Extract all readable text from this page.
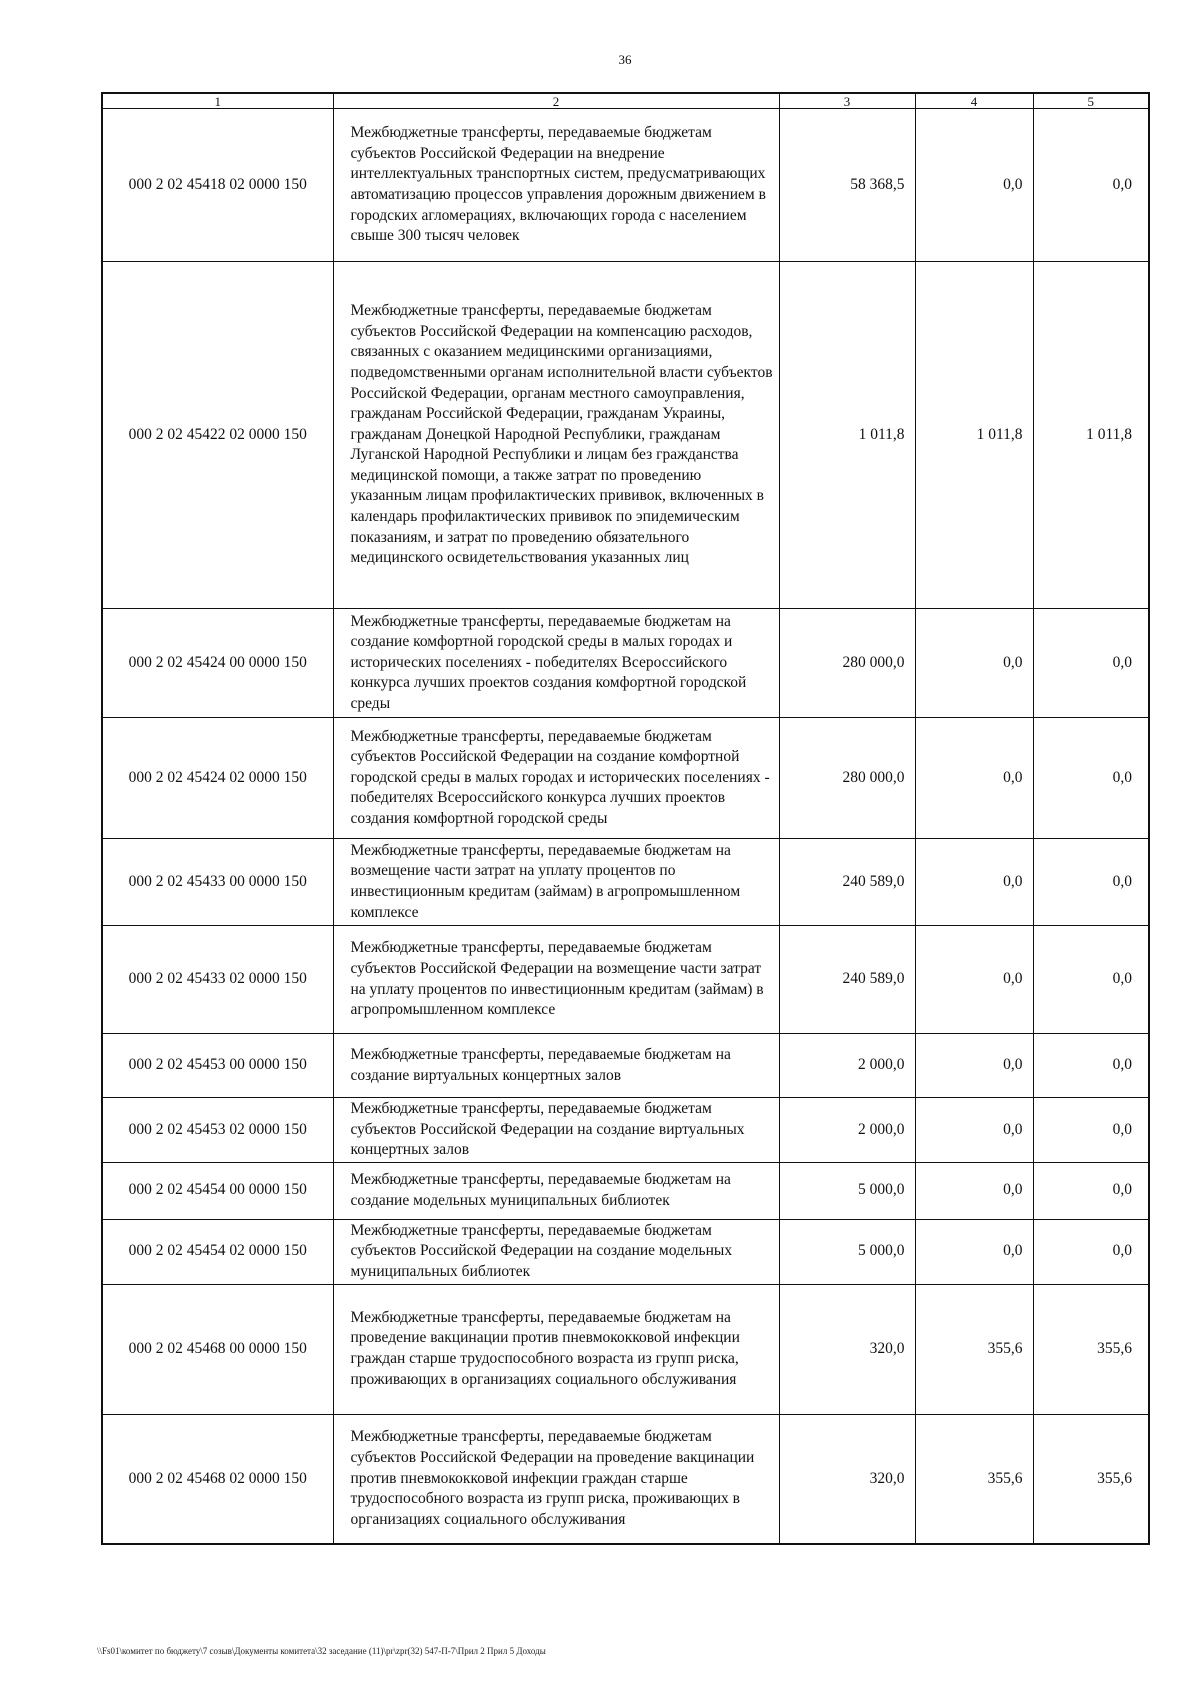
36
1	2	3	4	5
000 2 02 45418 02 0000 150	Межбюджетные трансферты, передаваемые бюджетам субъектов Российской Федерации на внедрение интеллектуальных транспортных систем, предусматривающих автоматизацию процессов управления дорожным движением в городских агломерациях, включающих города с населением свыше 300 тысяч человек	58 368,5	0,0	0,0
000 2 02 45422 02 0000 150	Межбюджетные трансферты, передаваемые бюджетам субъектов Российской Федерации на компенсацию расходов, связанных с оказанием медицинскими организациями, подведомственными органам исполнительной власти субъектов Российской Федерации, органам местного самоуправления, гражданам Российской Федерации, гражданам Украины, гражданам Донецкой Народной Республики, гражданам Луганской Народной Республики и лицам без гражданства медицинской помощи, а также затрат по проведению указанным лицам профилактических прививок, включенных в календарь профилактических прививок по эпидемическим показаниям, и затрат по проведению обязательного медицинского освидетельствования указанных лиц	1 011,8	1 011,8	1 011,8
000 2 02 45424 00 0000 150	Межбюджетные трансферты, передаваемые бюджетам на создание комфортной городской среды в малых городах и исторических поселениях - победителях Всероссийского конкурса лучших проектов создания комфортной городской среды	280 000,0	0,0	0,0
000 2 02 45424 02 0000 150	Межбюджетные трансферты, передаваемые бюджетам субъектов Российской Федерации на создание комфортной городской среды в малых городах и исторических поселениях - победителях Всероссийского конкурса лучших проектов создания комфортной городской среды	280 000,0	0,0	0,0
000 2 02 45433 00 0000 150	Межбюджетные трансферты, передаваемые бюджетам на возмещение части затрат на уплату процентов по инвестиционным кредитам (займам) в агропромышленном комплексе	240 589,0	0,0	0,0
000 2 02 45433 02 0000 150	Межбюджетные трансферты, передаваемые бюджетам субъектов Российской Федерации на возмещение части затрат на уплату процентов по инвестиционным кредитам (займам) в агропромышленном комплексе	240 589,0	0,0	0,0
000 2 02 45453 00 0000 150	Межбюджетные трансферты, передаваемые бюджетам на создание виртуальных концертных залов	2 000,0	0,0	0,0
000 2 02 45453 02 0000 150	Межбюджетные трансферты, передаваемые бюджетам субъектов Российской Федерации на создание виртуальных концертных залов	2 000,0	0,0	0,0
000 2 02 45454 00 0000 150	Межбюджетные трансферты, передаваемые бюджетам на создание модельных муниципальных библиотек	5 000,0	0,0	0,0
000 2 02 45454 02 0000 150	Межбюджетные трансферты, передаваемые бюджетам субъектов Российской Федерации на создание модельных муниципальных библиотек	5 000,0	0,0	0,0
000 2 02 45468 00 0000 150	Межбюджетные трансферты, передаваемые бюджетам на проведение вакцинации против пневмококковой инфекции граждан старше трудоспособного возраста из групп риска, проживающих в организациях социального обслуживания	320,0	355,6	355,6
000 2 02 45468 02 0000 150	Межбюджетные трансферты, передаваемые бюджетам субъектов Российской Федерации на проведение вакцинации против пневмококковой инфекции граждан старше трудоспособного возраста из групп риска, проживающих в организациях социального обслуживания	320,0	355,6	355,6
\\Fs01\комитет по бюджету\7 созыв\Документы комитета\32 заседание (11)\pr\zpr(32) 547-П-7\Прил 2 Прил 5 Доходы
